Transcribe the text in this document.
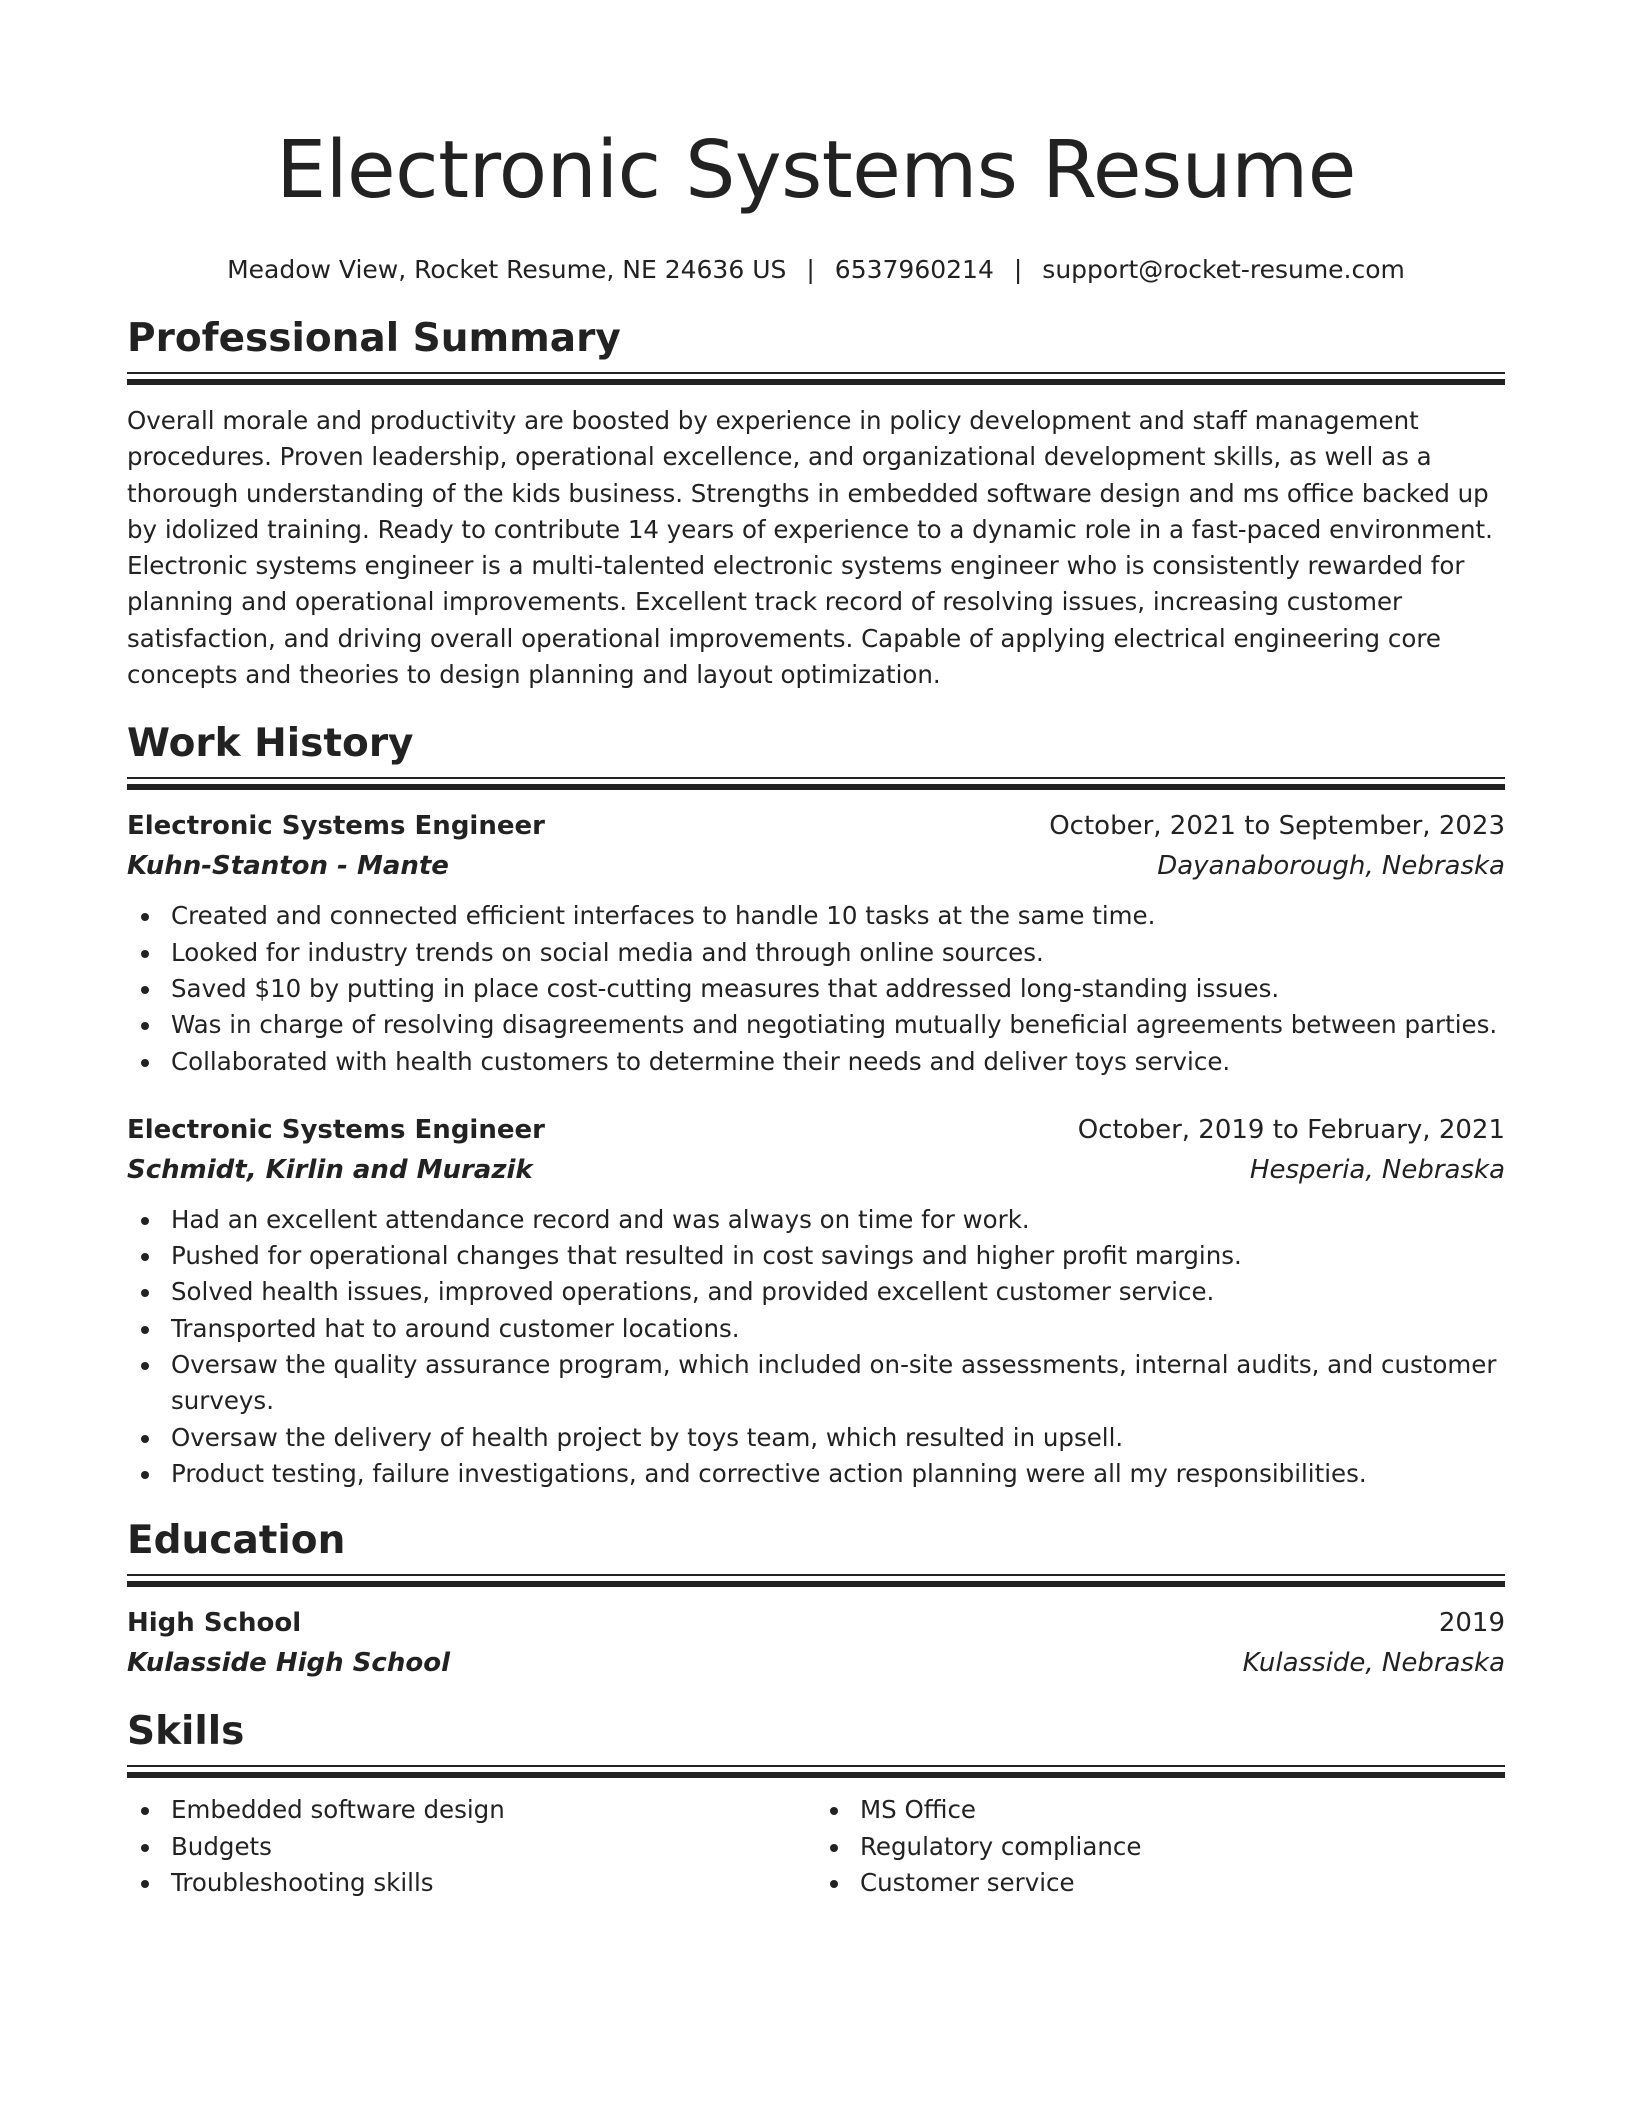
Electronic Systems Resume
Meadow View, Rocket Resume, NE 24636 US | 6537960214 | support@rocket-resume.com
Professional Summary

Overall morale and productivity are boosted by experience in policy development and staff management procedures. Proven leadership, operational excellence, and organizational development skills, as well as a thorough understanding of the kids business. Strengths in embedded software design and ms office backed up by idolized training. Ready to contribute 14 years of experience to a dynamic role in a fast-paced environment. Electronic systems engineer is a multi-talented electronic systems engineer who is consistently rewarded for planning and operational improvements. Excellent track record of resolving issues, increasing customer satisfaction, and driving overall operational improvements. Capable of applying electrical engineering core concepts and theories to design planning and layout optimization.

Work History
Electronic Systems Engineer	October, 2021 to September, 2023
Kuhn-Stanton - Mante	Dayanaborough, Nebraska
Created and connected efficient interfaces to handle 10 tasks at the same time.
Looked for industry trends on social media and through online sources.
Saved $10 by putting in place cost-cutting measures that addressed long-standing issues.
Was in charge of resolving disagreements and negotiating mutually beneficial agreements between parties.
Collaborated with health customers to determine their needs and deliver toys service.
Electronic Systems Engineer	October, 2019 to February, 2021
Schmidt, Kirlin and Murazik	Hesperia, Nebraska
Had an excellent attendance record and was always on time for work.
Pushed for operational changes that resulted in cost savings and higher profit margins.
Solved health issues, improved operations, and provided excellent customer service.
Transported hat to around customer locations.
Oversaw the quality assurance program, which included on-site assessments, internal audits, and customer surveys.
Oversaw the delivery of health project by toys team, which resulted in upsell.
Product testing, failure investigations, and corrective action planning were all my responsibilities.
Education
High School	2019
Kulasside High School	Kulasside, Nebraska
Skills
Embedded software design
Budgets
Troubleshooting skills
MS Office
Regulatory compliance
Customer service
